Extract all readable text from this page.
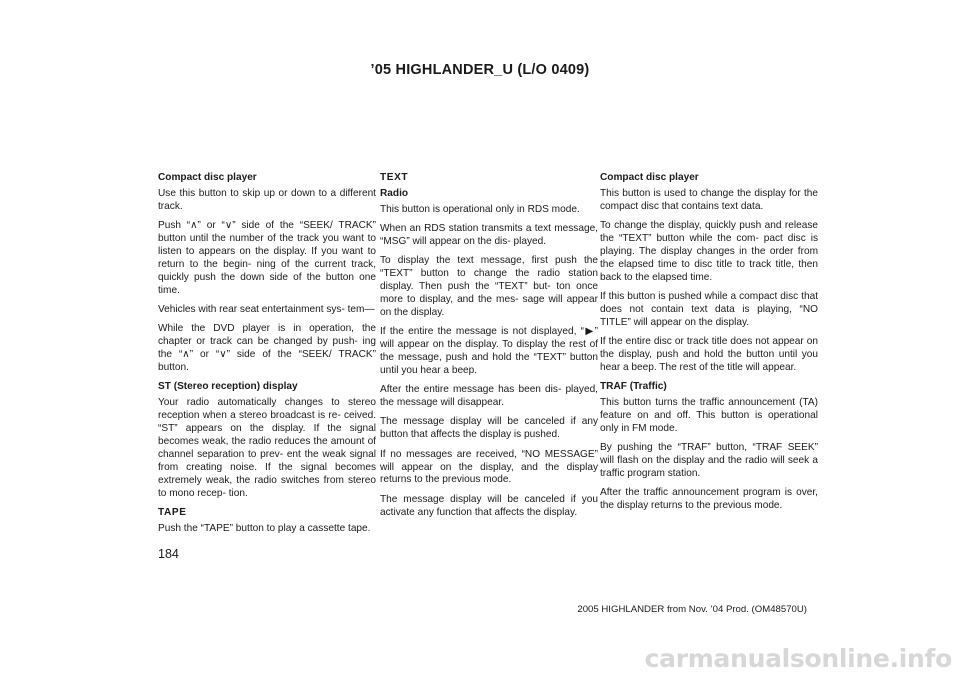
’05 HIGHLANDER_U (L/O 0409)

Compact disc player

Use this button to skip up or down to a different track.

Push “∧” or “∨” side of the “SEEK/ TRACK” button until the number of the track you want to listen to appears on the display. If you want to return to the begin- ning of the current track, quickly push the down side of the button one time.

Vehicles with rear seat entertainment sys- tem—

While the DVD player is in operation, the chapter or track can be changed by push- ing the “∧” or “∨” side of the “SEEK/ TRACK” button.

ST (Stereo reception) display

Your radio automatically changes to stereo reception when a stereo broadcast is re- ceived. “ST” appears on the display. If the signal becomes weak, the radio reduces the amount of channel separation to prev- ent the weak signal from creating noise. If the signal becomes extremely weak, the radio switches from stereo to mono recep- tion.

TAPE

Push the “TAPE” button to play a cassette tape.

TEXT

Radio

This button is operational only in RDS mode.

When an RDS station transmits a text message, “MSG” will appear on the dis- played.

To display the text message, first push the “TEXT” button to change the radio station display. Then push the “TEXT” but- ton once more to display, and the mes- sage will appear on the display.

If the entire the message is not displayed, “▶” will appear on the display. To display the rest of the message, push and hold the “TEXT” button until you hear a beep.

After the entire message has been dis- played, the message will disappear.

The message display will be canceled if any button that affects the display is pushed.

If no messages are received, “NO MESSAGE” will appear on the display, and the display returns to the previous mode.

The message display will be canceled if you activate any function that affects the display.

Compact disc player

This button is used to change the display for the compact disc that contains text data.

To change the display, quickly push and release the “TEXT” button while the com- pact disc is playing. The display changes in the order from the elapsed time to disc title to track title, then back to the elapsed time.

If this button is pushed while a compact disc that does not contain text data is playing, “NO TITLE” will appear on the display.

If the entire disc or track title does not appear on the display, push and hold the button until you hear a beep. The rest of the title will appear.

TRAF (Traffic)

This button turns the traffic announcement (TA) feature on and off. This button is operational only in FM mode.

By pushing the “TRAF” button, “TRAF SEEK” will flash on the display and the radio will seek a traffic program station.

After the traffic announcement program is over, the display returns to the previous mode.

184
2005 HIGHLANDER from Nov. ’04 Prod. (OM48570U)
carmanualsonline.info
